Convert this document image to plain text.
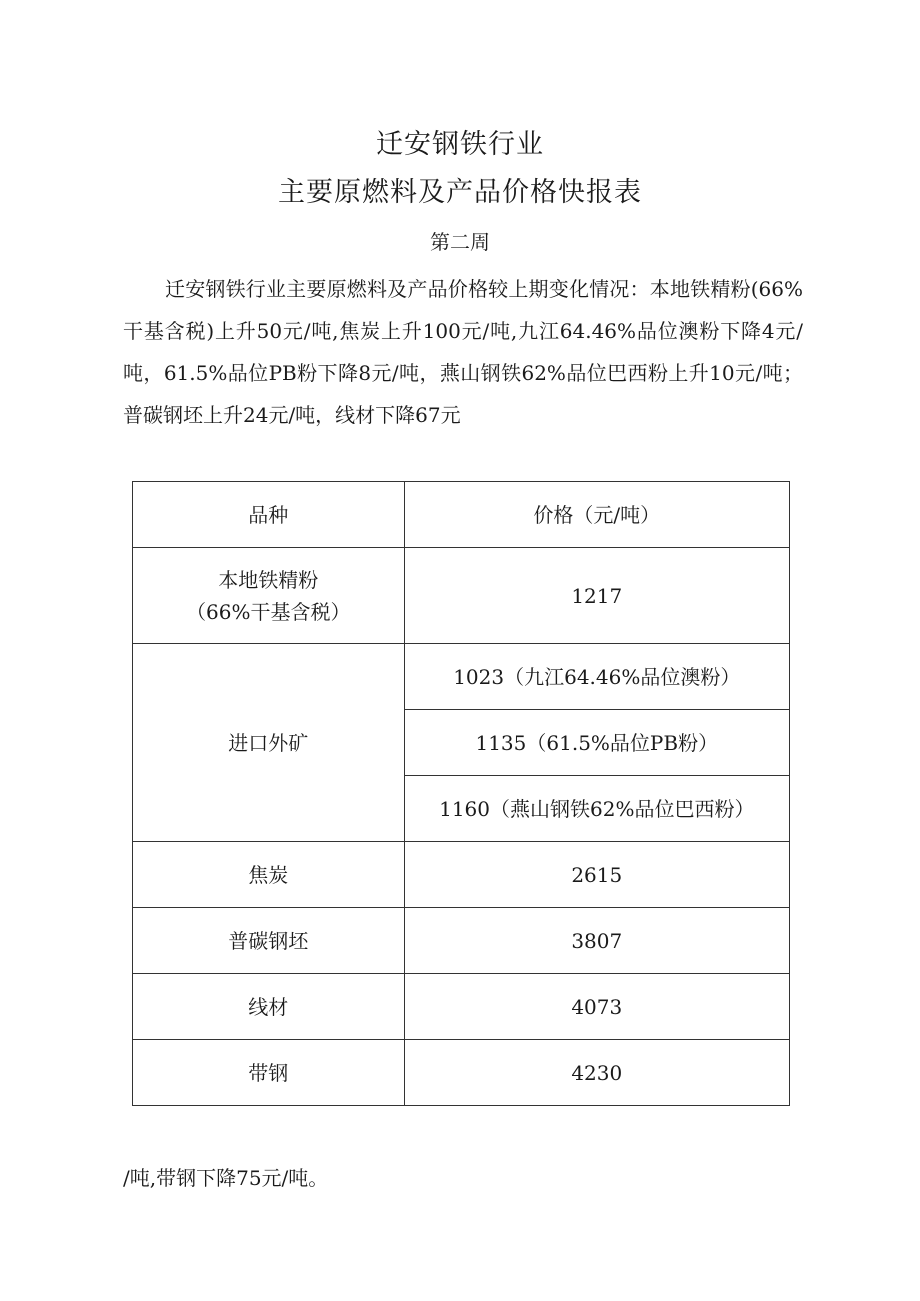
迁安钢铁行业
主要原燃料及产品价格快报表
第二周

迁安钢铁行业主要原燃料及产品价格较上期变化情况：本地铁精粉(66%干基含税)上升50元/吨,焦炭上升100元/吨,九江64.46%品位澳粉下降4元/吨，61.5%品位PB粉下降8元/吨，燕山钢铁62%品位巴西粉上升10元/吨；普碳钢坯上升24元/吨，线材下降67元

品种	价格（元/吨）

本地铁精粉
（66%干基含税）	1217
进口外矿	1023（九江64.46%品位澳粉）
	1135（61.5%品位PB粉）
	1160（燕山钢铁62%品位巴西粉）
焦炭	2615
普碳钢坯	3807
线材	4073
带钢	4230
/吨,带钢下降75元/吨。
